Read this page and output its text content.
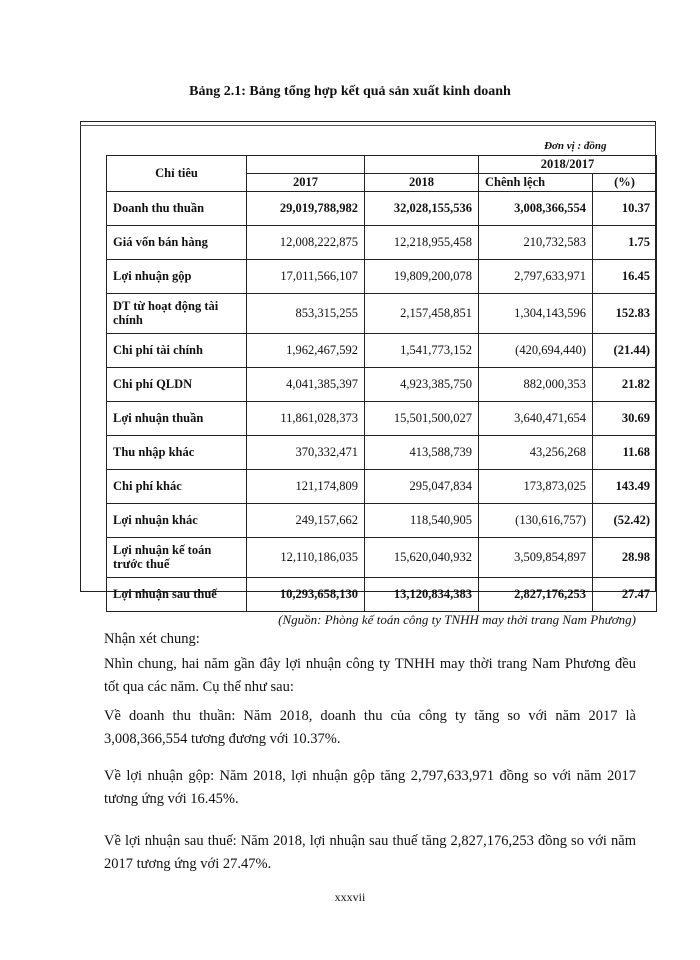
Bảng 2.1: Bảng tổng hợp kết quả sản xuất kinh doanh
Đơn vị : đồng				
Chỉ tiêu			2018/2017	
	2017	2018	Chênh lệch	(%)
Doanh thu thuần	29,019,788,982	32,028,155,536	3,008,366,554	10.37
Giá vốn bán hàng	12,008,222,875	12,218,955,458	210,732,583	1.75
Lợi nhuận gộp	17,011,566,107	19,809,200,078	2,797,633,971	16.45
DT từ hoạt động tài chính	853,315,255	2,157,458,851	1,304,143,596	152.83
Chi phí tài chính	1,962,467,592	1,541,773,152	(420,694,440)	(21.44)
Chi phí QLDN	4,041,385,397	4,923,385,750	882,000,353	21.82
Lợi nhuận thuần	11,861,028,373	15,501,500,027	3,640,471,654	30.69
Thu nhập khác	370,332,471	413,588,739	43,256,268	11.68
Chi phí khác	121,174,809	295,047,834	173,873,025	143.49
Lợi nhuận khác	249,157,662	118,540,905	(130,616,757)	(52.42)
Lợi nhuận kế toán trước thuế	12,110,186,035	15,620,040,932	3,509,854,897	28.98
Lợi nhuận sau thuế	10,293,658,130	13,120,834,383	2,827,176,253	27.47
(Nguồn: Phòng kế toán công ty TNHH may thời trang Nam Phương)
Nhận xét chung:
Nhìn chung, hai năm gần đây lợi nhuận công ty TNHH may thời trang Nam Phương đều tốt qua các năm. Cụ thể như sau:
Về doanh thu thuần: Năm 2018, doanh thu của công ty tăng so với năm 2017 là 3,008,366,554 tương đương với 10.37%.
Về lợi nhuận gộp: Năm 2018, lợi nhuận gộp tăng 2,797,633,971 đồng so với năm 2017 tương ứng với 16.45%.
Về lợi nhuận sau thuế: Năm 2018, lợi nhuận sau thuế tăng 2,827,176,253 đồng so với năm 2017 tương ứng với 27.47%.
xxxvii
